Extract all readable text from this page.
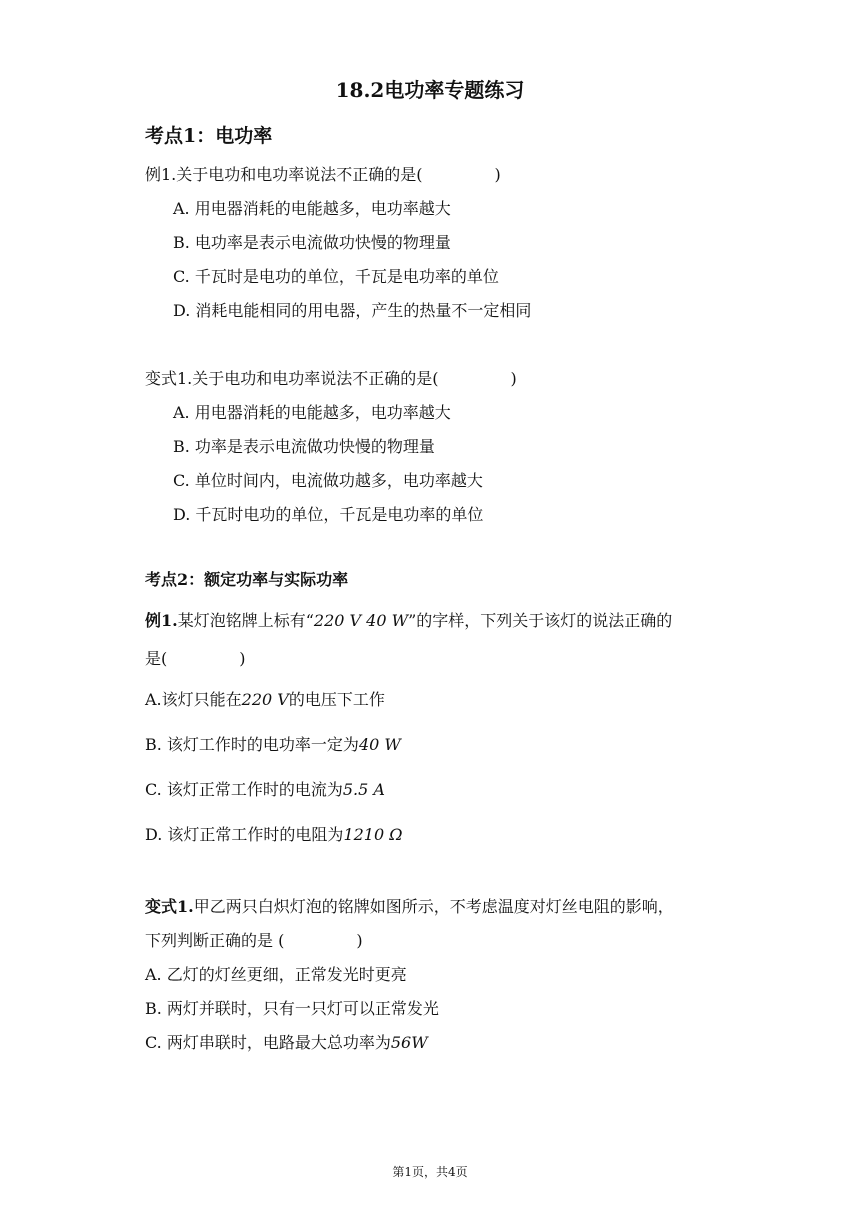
18.2电功率专题练习
考点1：电功率
例1.关于电功和电功率说法不正确的是(	)
A. 用电器消耗的电能越多，电功率越大
B. 电功率是表示电流做功快慢的物理量
C. 千瓦时是电功的单位，千瓦是电功率的单位
D. 消耗电能相同的用电器，产生的热量不一定相同
变式1.关于电功和电功率说法不正确的是(	)
A. 用电器消耗的电能越多，电功率越大
B. 功率是表示电流做功快慢的物理量
C. 单位时间内，电流做功越多，电功率越大
D. 千瓦时电功的单位，千瓦是电功率的单位
考点2：额定功率与实际功率
例1.某灯泡铭牌上标有“220 V 40 W”的字样，下列关于该灯的说法正确的
是(	)
A.该灯只能在220 V的电压下工作
B. 该灯工作时的电功率一定为40 W
C. 该灯正常工作时的电流为5.5 A
D. 该灯正常工作时的电阻为1210 Ω
变式1.甲乙两只白炽灯泡的铭牌如图所示，不考虑温度对灯丝电阻的影响，
下列判断正确的是 (	)
A. 乙灯的灯丝更细，正常发光时更亮
B. 两灯并联时，只有一只灯可以正常发光
C. 两灯串联时，电路最大总功率为56W
第1页，共4页
